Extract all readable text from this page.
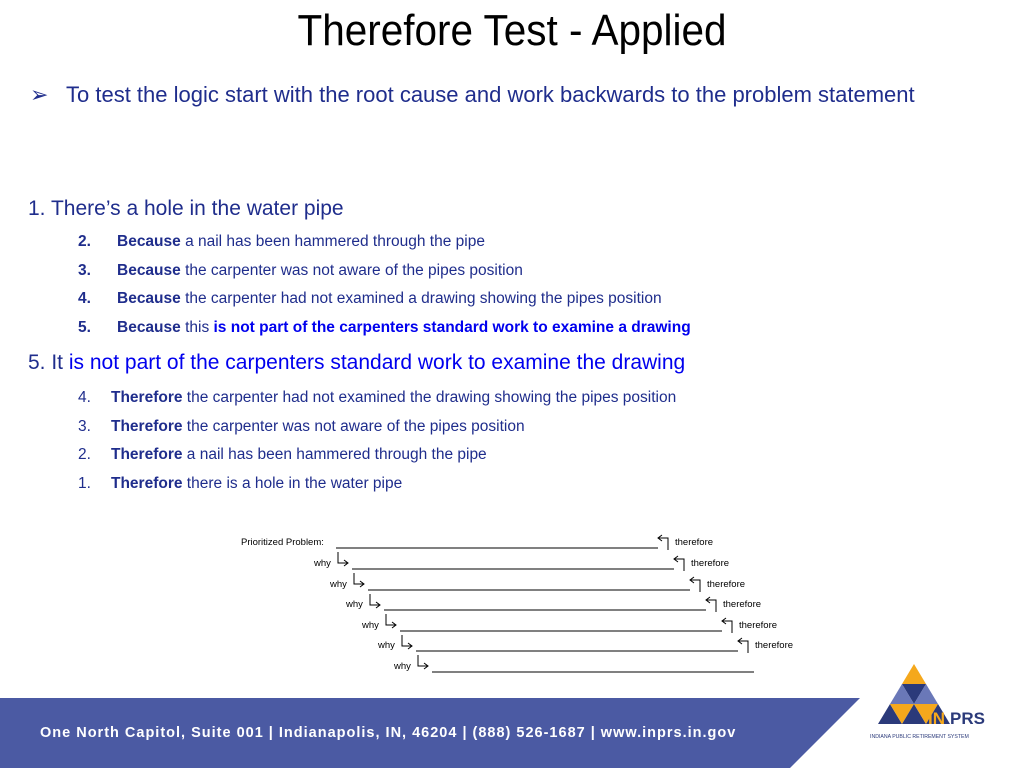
Therefore Test - Applied
➢ To test the logic start with the root cause and work backwards to the problem statement
1. There’s a hole in the water pipe
2. Because a nail has been hammered through the pipe
3. Because the carpenter was not aware of the pipes position
4. Because the carpenter had not examined a drawing showing the pipes position
5. Because this is not part of the carpenters standard work to examine a drawing
5. It is not part of the carpenters standard work to examine the drawing
4. Therefore the carpenter had not examined the drawing showing the pipes position
3. Therefore the carpenter was not aware of the pipes position
2. Therefore a nail has been hammered through the pipe
1. Therefore there is a hole in the water pipe
Prioritized Problem:	therefore
why	therefore
why	therefore
why	therefore
why	therefore
why	therefore
why
One North Capitol, Suite 001 | Indianapolis, IN, 46204 | (888) 526-1687 | www.inprs.in.gov
IN PRS
INDIANA PUBLIC RETIREMENT SYSTEM
